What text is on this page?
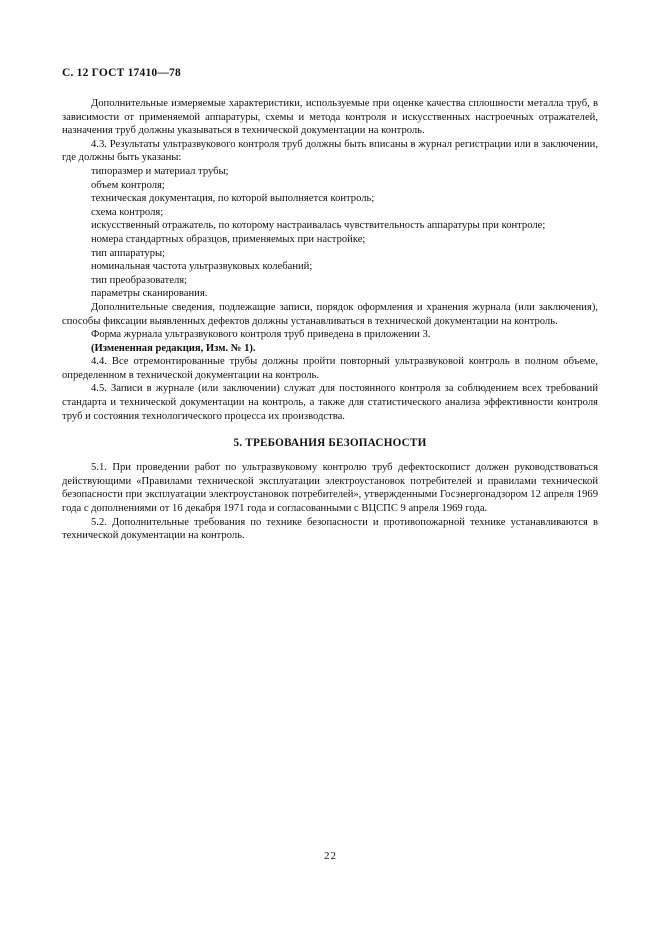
С. 12 ГОСТ 17410—78

Дополнительные измеряемые характеристики, используемые при оценке качества сплошности металла труб, в зависимости от применяемой аппаратуры, схемы и метода контроля и искусственных настроечных отражателей, назначения труб должны указываться в технической документации на контроль.

4.3. Результаты ультразвукового контроля труб должны быть вписаны в журнал регистрации или в заключении, где должны быть указаны:

типоразмер и материал трубы;

объем контроля;

техническая документация, по которой выполняется контроль;

схема контроля;

искусственный отражатель, по которому настраивалась чувствительность аппаратуры при контроле;

номера стандартных образцов, применяемых при настройке;

тип аппаратуры;

номинальная частота ультразвуковых колебаний;

тип преобразователя;

параметры сканирования.

Дополнительные сведения, подлежащие записи, порядок оформления и хранения журнала (или заключения), способы фиксации выявленных дефектов должны устанавливаться в технической документации на контроль.

Форма журнала ультразвукового контроля труб приведена в приложении 3.

(Измененная редакция, Изм. № 1).

4.4. Все отремонтированные трубы должны пройти повторный ультразвуковой контроль в полном объеме, определенном в технической документации на контроль.

4.5. Записи в журнале (или заключении) служат для постоянного контроля за соблюдением всех требований стандарта и технической документации на контроль, а также для статистического анализа эффективности контроля труб и состояния технологического процесса их производства.

5. ТРЕБОВАНИЯ БЕЗОПАСНОСТИ

5.1. При проведении работ по ультразвуковому контролю труб дефектоскопист должен руководствоваться действующими «Правилами технической эксплуатации электроустановок потребителей и правилами технической безопасности при эксплуатации электроустановок потребителей», утвержденными Госэнергонадзором 12 апреля 1969 года с дополнениями от 16 декабря 1971 года и согласованными с ВЦСПС 9 апреля 1969 года.

5.2. Дополнительные требования по технике безопасности и противопожарной технике устанавливаются в технической документации на контроль.

22
